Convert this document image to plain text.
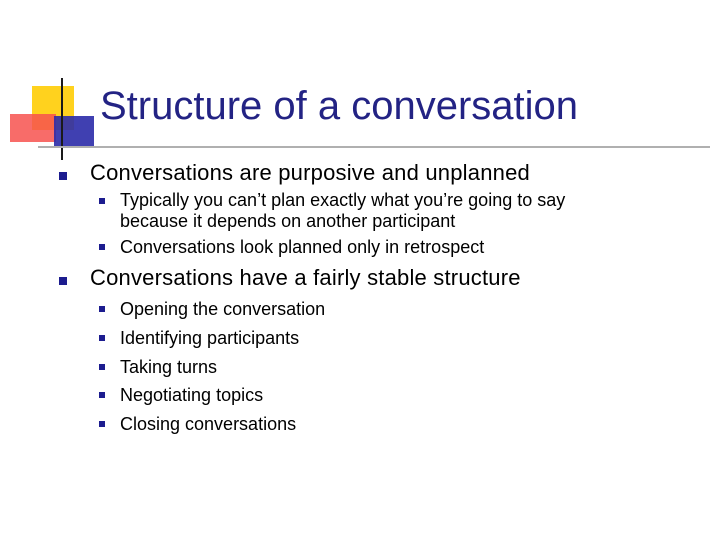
Structure of a conversation
Conversations are purposive and unplanned
Typically you can’t plan exactly what you’re going to say
because it depends on another participant
Conversations look planned only in retrospect
Conversations have a fairly stable structure
Opening the conversation
Identifying participants
Taking turns
Negotiating topics
Closing conversations
